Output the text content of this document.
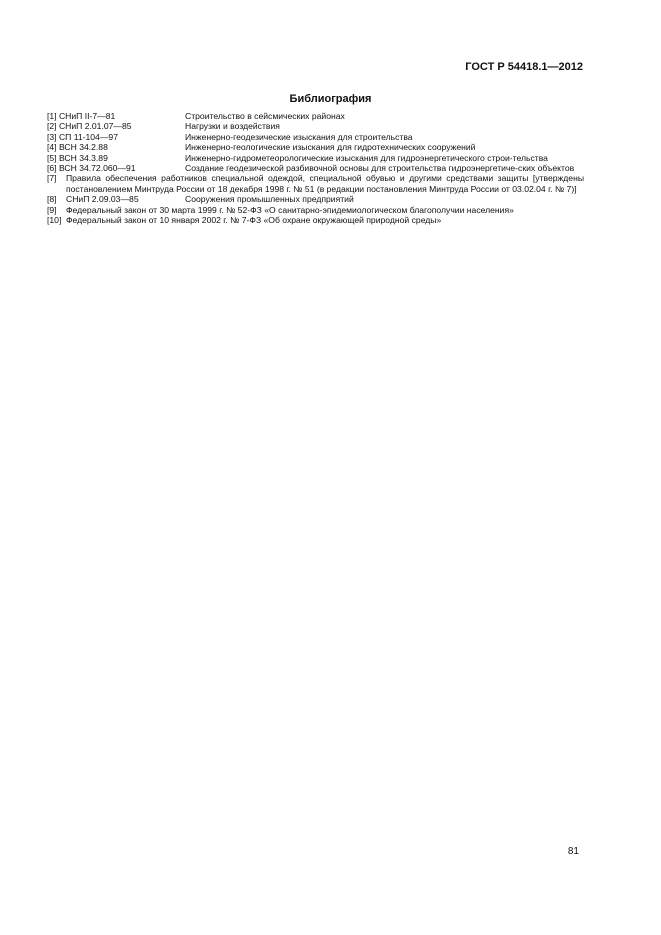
ГОСТ Р 54418.1—2012
Библиография
[1] СНиП II-7—81	Строительство в сейсмических районах
[2] СНиП 2.01.07—85	Нагрузки и воздействия
[3] СП 11-104—97	Инженерно-геодезические изыскания для строительства
[4] ВСН 34.2.88	Инженерно-геологические изыскания для гидротехнических сооружений
[5] ВСН 34.3.89	Инженерно-гидрометеорологические изыскания для гидроэнергетического строи-тельства
[6] ВСН 34.72.060—91	Создание геодезической разбивочной основы для строительства гидроэнергетиче-ских объектов
[7]	Правила обеспечения работников специальной одеждой, специальной обувью и другими средствами защиты [утверждены постановлением Минтруда России от 18 декабря 1998 г. № 51 (в редакции постановления Минтруда России от 03.02.04 г. № 7)]
[8]	СНиП 2.09.03—85	Сооружения промышленных предприятий
[9]	Федеральный закон от 30 марта 1999 г. № 52-ФЗ «О санитарно-эпидемиологическом благополучии населения»
[10] Федеральный закон от 10 января 2002 г. № 7-ФЗ «Об охране окружающей природной среды»
81
